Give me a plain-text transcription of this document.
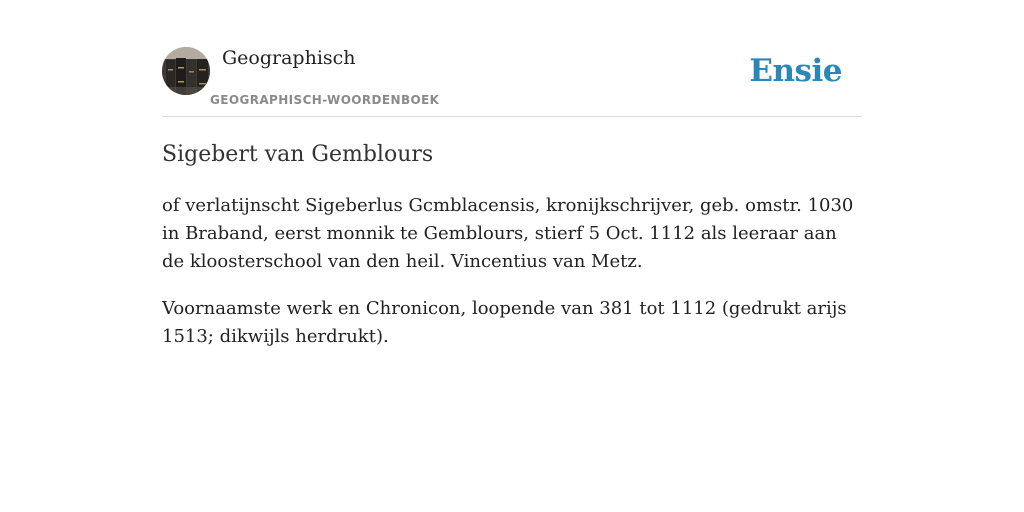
Geographisch
GEOGRAPHISCH-WOORDENBOEK
Ensie
Sigebert van Gemblours

of verlatijnscht Sigeberlus Gcmblacensis, kronijkschrijver, geb. omstr. 1030 in Braband, eerst monnik te Gemblours, stierf 5 Oct. 1112 als leeraar aan de kloosterschool van den heil. Vincentius van Metz.

Voornaamste werk en Chronicon, loopende van 381 tot 1112 (gedrukt arijs 1513; dikwijls herdrukt).
